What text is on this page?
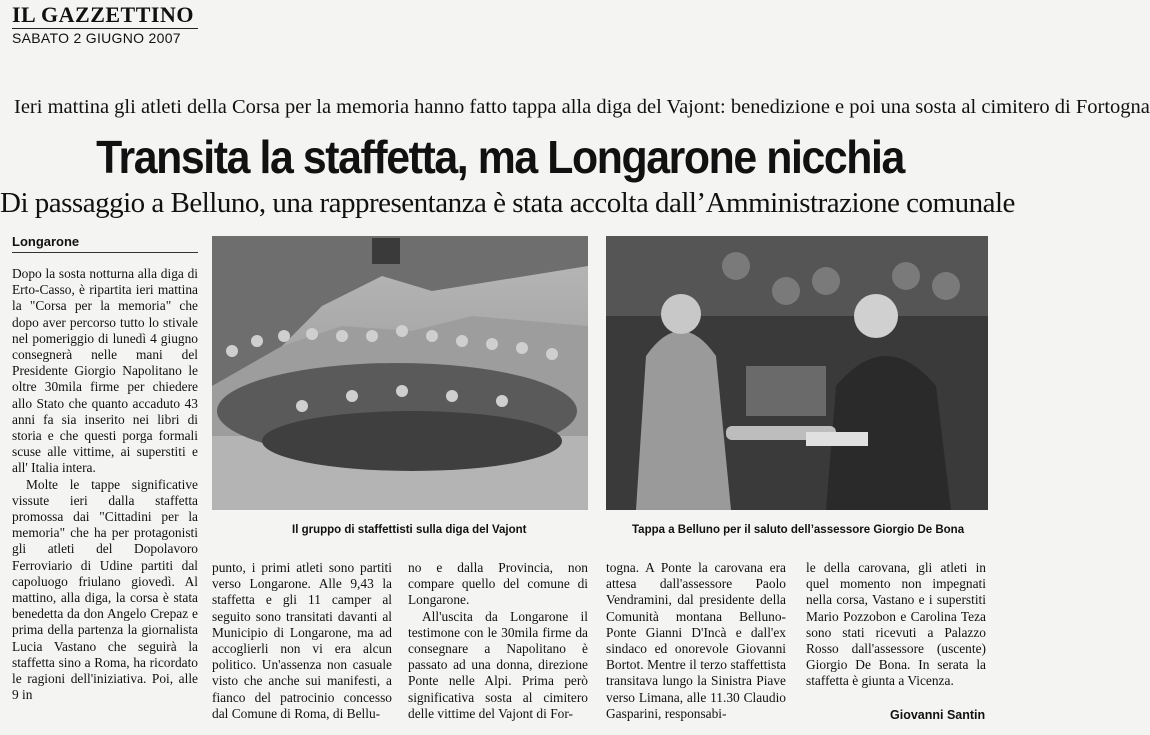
IL GAZZETTINO
SABATO 2 GIUGNO 2007
Ieri mattina gli atleti della Corsa per la memoria hanno fatto tappa alla diga del Vajont: benedizione e poi una sosta al cimitero di Fortogna
Transita la staffetta, ma Longarone nicchia
Di passaggio a Belluno, una rappresentanza è stata accolta dall’Amministrazione comunale
Longarone

Dopo la sosta notturna alla diga di Erto-Casso, è ripartita ieri mattina la "Corsa per la memoria" che dopo aver percorso tutto lo stivale nel pomeriggio di lunedì 4 giugno consegnerà nelle mani del Presidente Giorgio Napolitano le oltre 30mila firme per chiedere allo Stato che quanto accaduto 43 anni fa sia inserito nei libri di storia e che questi porga formali scuse alle vittime, ai superstiti e all' Italia intera.

Molte le tappe significative vissute ieri dalla staffetta promossa dai "Cittadini per la memoria" che ha per protagonisti gli atleti del Dopolavoro Ferroviario di Udine partiti dal capoluogo friulano giovedì. Al mattino, alla diga, la corsa è stata benedetta da don Angelo Crepaz e prima della partenza la giornalista Lucia Vastano che seguirà la staffetta sino a Roma, ha ricordato le ragioni dell'iniziativa. Poi, alle 9 in

Il gruppo di staffettisti sulla diga del Vajont	Tappa a Belluno per il saluto dell’assessore Giorgio De Bona

punto, i primi atleti sono partiti verso Longarone. Alle 9,43 la staffetta e gli 11 camper al seguito sono transitati davanti al Municipio di Longarone, ma ad accoglierli non vi era alcun politico. Un'assenza non casuale visto che anche sui manifesti, a fianco del patrocinio concesso dal Comune di Roma, di Bellu-

no e dalla Provincia, non compare quello del comune di Longarone.

All'uscita da Longarone il testimone con le 30mila firme da consegnare a Napolitano è passato ad una donna, direzione Ponte nelle Alpi. Prima però significativa sosta al cimitero delle vittime del Vajont di For-

togna. A Ponte la carovana era attesa dall'assessore Paolo Vendramini, dal presidente della Comunità montana Belluno-Ponte Gianni D'Incà e dall'ex sindaco ed onorevole Giovanni Bortot. Mentre il terzo staffettista transitava lungo la Sinistra Piave verso Limana, alle 11.30 Claudio Gasparini, responsabi-

le della carovana, gli atleti in quel momento non impegnati nella corsa, Vastano e i superstiti Mario Pozzobon e Carolina Teza sono stati ricevuti a Palazzo Rosso dall'assessore (uscente) Giorgio De Bona. In serata la staffetta è giunta a Vicenza.

Giovanni Santin
